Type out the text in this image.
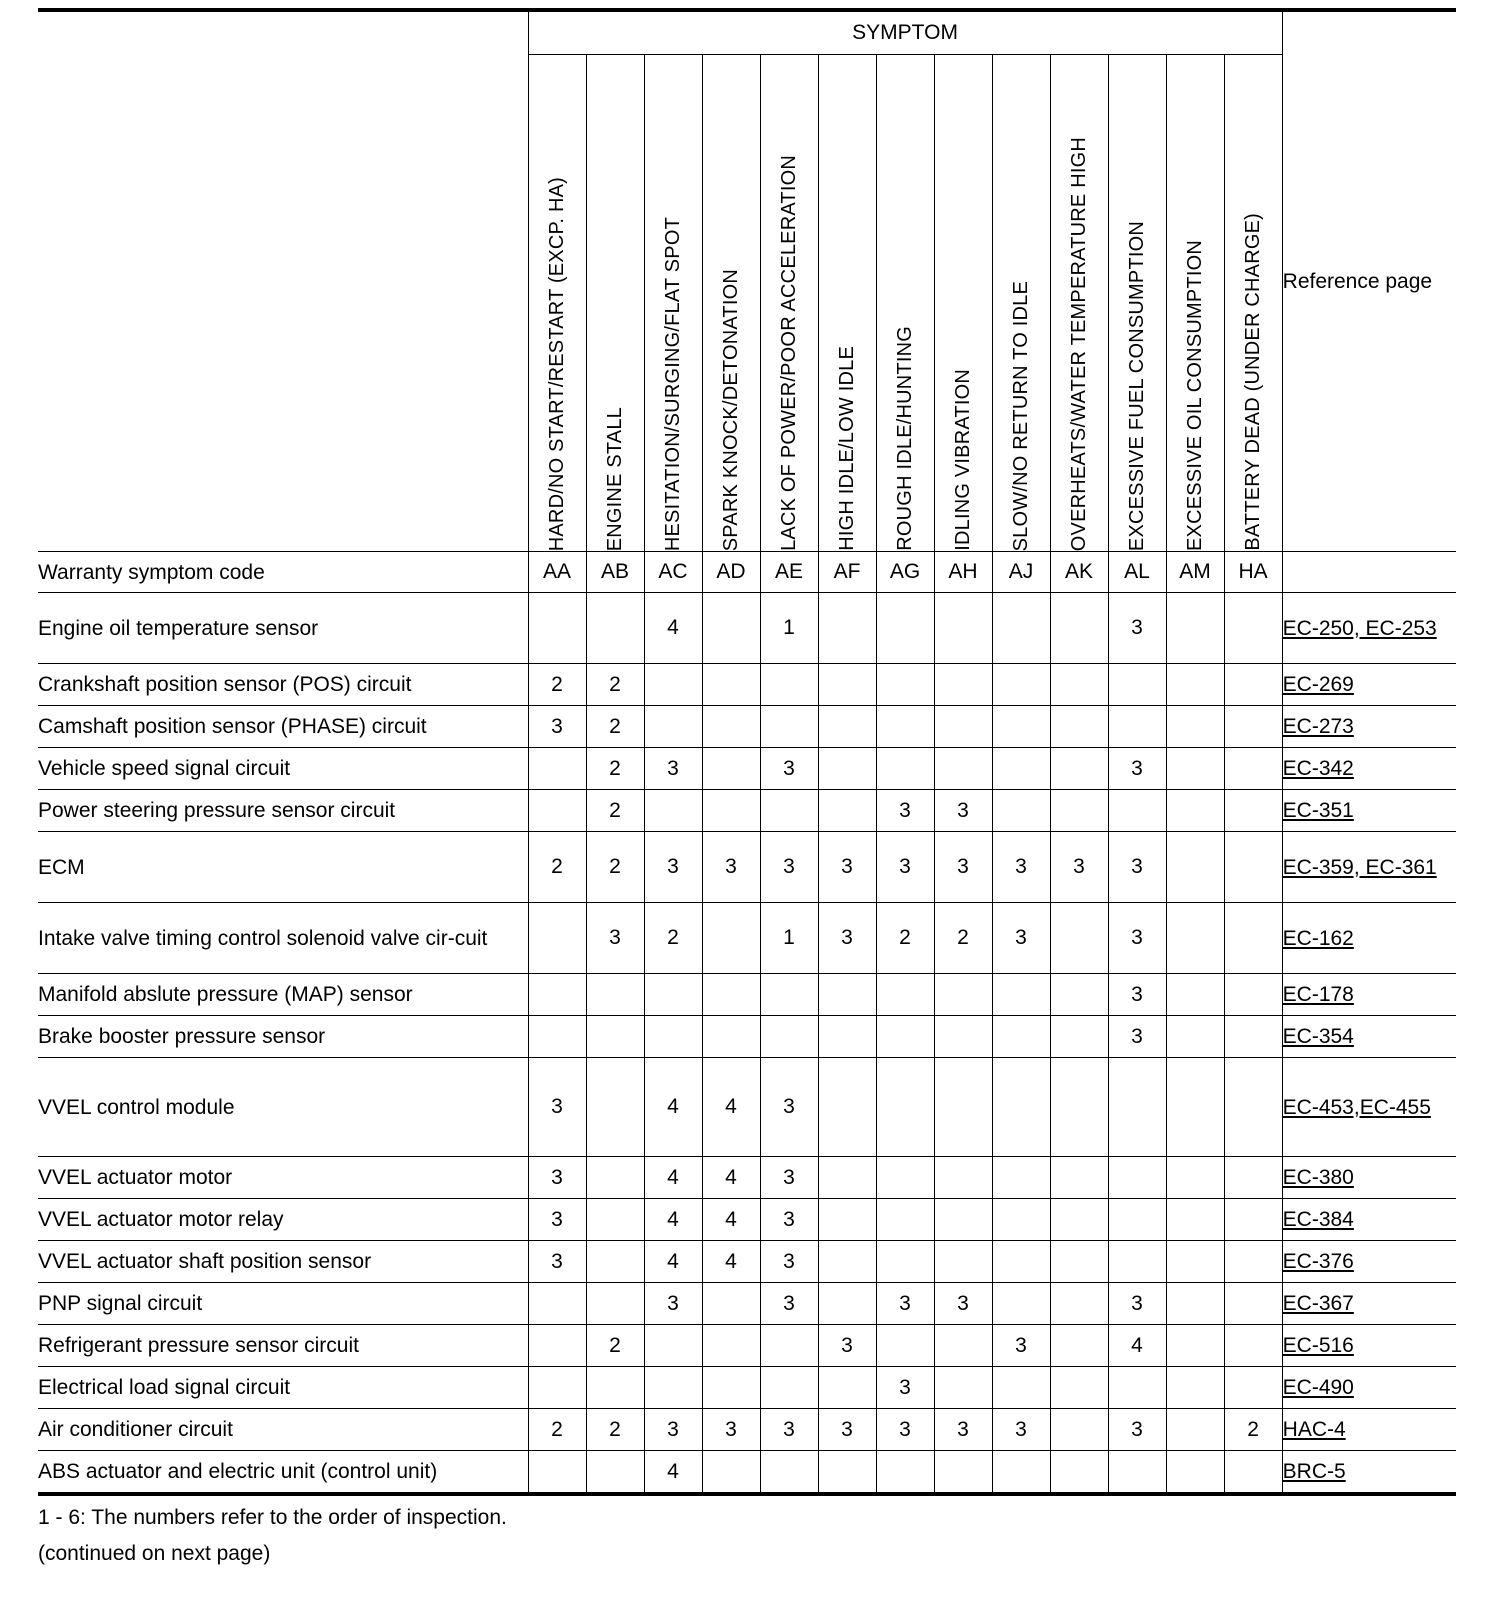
	SYMPTOM													Reference page

	HARD/NO START/RESTART (EXCP. HA)	ENGINE STALL	HESITATION/SURGING/FLAT SPOT	SPARK KNOCK/DETONATION	LACK OF POWER/POOR ACCELERATION	HIGH IDLE/LOW IDLE	ROUGH IDLE/HUNTING	IDLING VIBRATION	SLOW/NO RETURN TO IDLE	OVERHEATS/WATER TEMPERATURE HIGH	EXCESSIVE FUEL CONSUMPTION	EXCESSIVE OIL CONSUMPTION	BATTERY DEAD (UNDER CHARGE)	

Warranty symptom code	AA	AB	AC	AD	AE	AF	AG	AH	AJ	AK	AL	AM	HA	
Engine oil temperature sensor			4		1						3			EC-250, EC-253
Crankshaft position sensor (POS) circuit	2	2												EC-269
Camshaft position sensor (PHASE) circuit	3	2												EC-273
Vehicle speed signal circuit		2	3		3						3			EC-342
Power steering pressure sensor circuit		2					3	3						EC-351
ECM	2	2	3	3	3	3	3	3	3	3	3			EC-359, EC-361
Intake valve timing control solenoid valve cir-cuit		3	2		1	3	2	2	3		3			EC-162
Manifold abslute pressure (MAP) sensor											3			EC-178
Brake booster pressure sensor											3			EC-354
VVEL control module	3		4	4	3									EC-453,EC-455
VVEL actuator motor	3		4	4	3									EC-380
VVEL actuator motor relay	3		4	4	3									EC-384
VVEL actuator shaft position sensor	3		4	4	3									EC-376
PNP signal circuit			3		3		3	3			3			EC-367
Refrigerant pressure sensor circuit		2				3			3		4			EC-516
Electrical load signal circuit							3							EC-490
Air conditioner circuit	2	2	3	3	3	3	3	3	3		3		2	HAC-4
ABS actuator and electric unit (control unit)			4											BRC-5
1 - 6: The numbers refer to the order of inspection.
(continued on next page)
